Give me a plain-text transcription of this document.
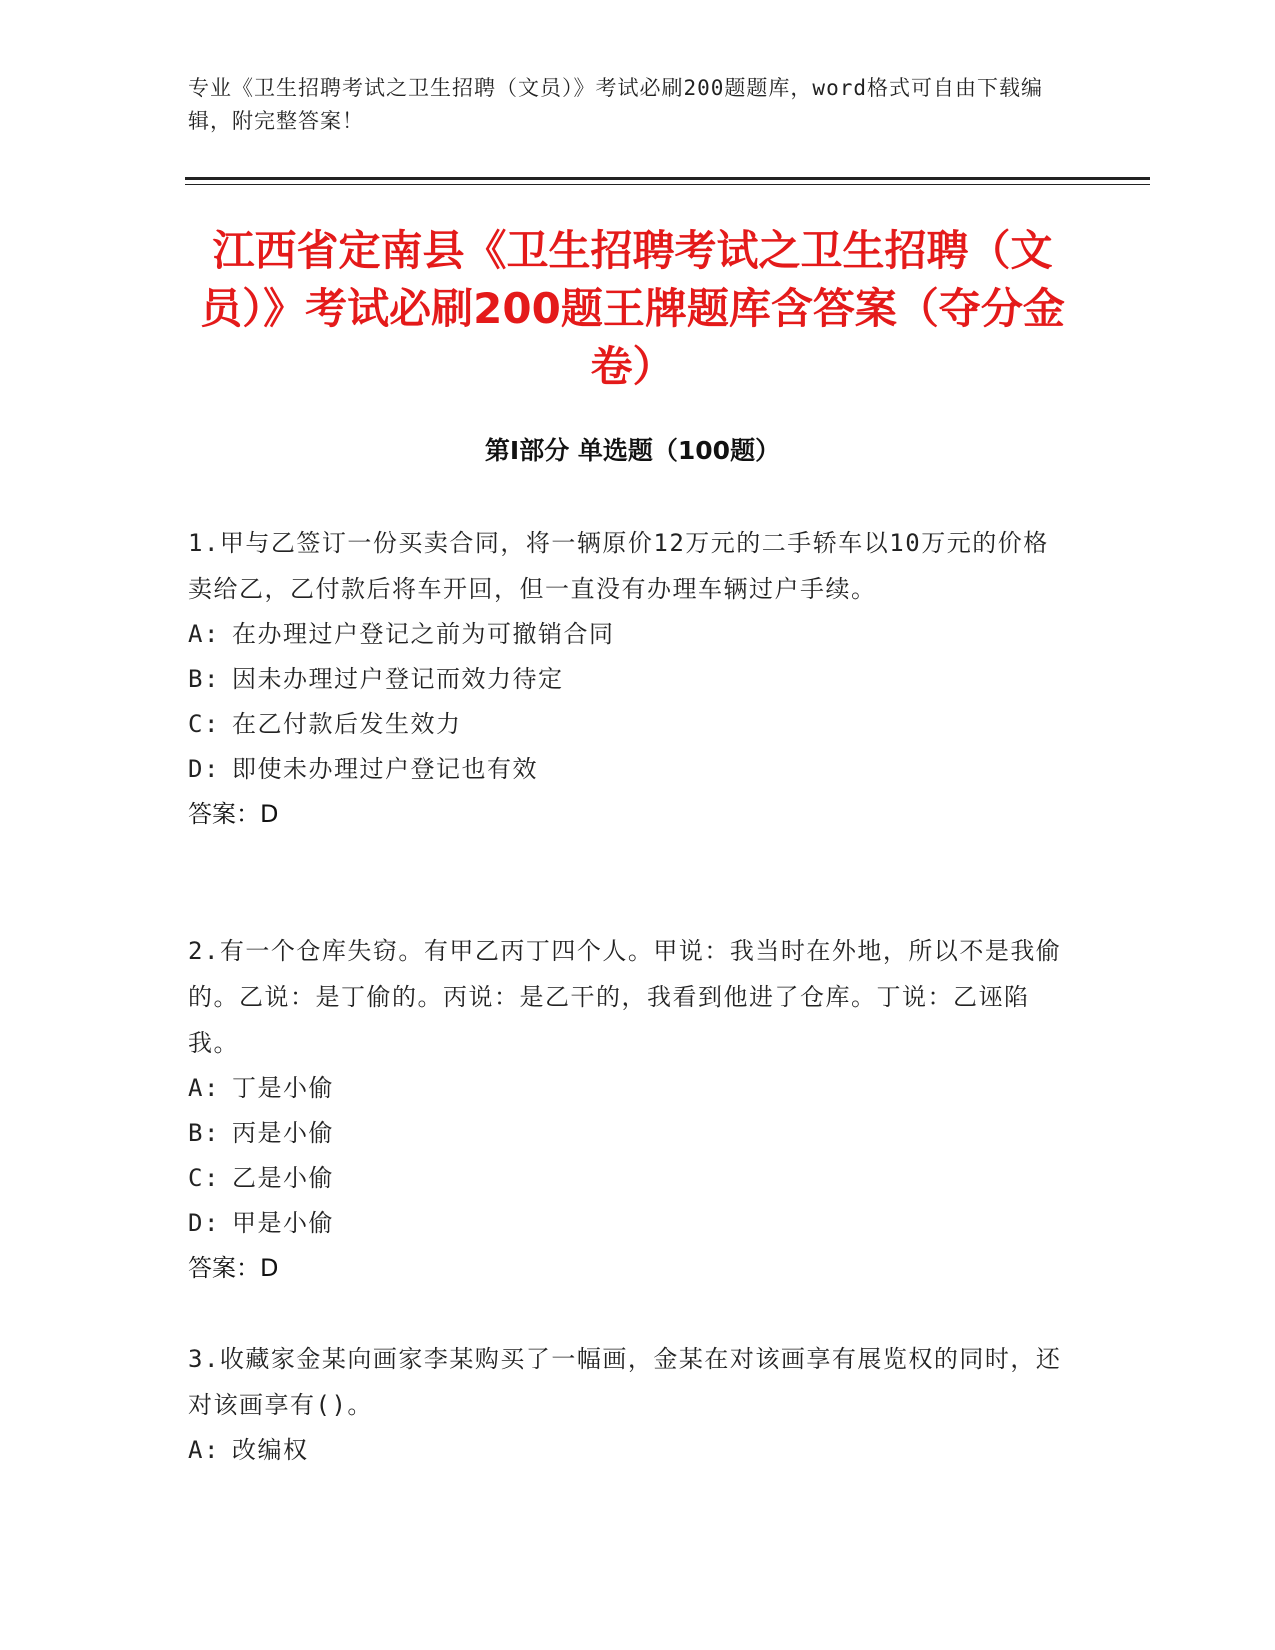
专业《卫生招聘考试之卫生招聘（文员）》考试必刷200题题库，word格式可自由下载编辑，附完整答案！
江西省定南县《卫生招聘考试之卫生招聘（文员）》考试必刷200题王牌题库含答案（夺分金卷）
第Ⅰ部分 单选题（100题）

1.甲与乙签订一份买卖合同，将一辆原价12万元的二手轿车以10万元的价格卖给乙，乙付款后将车开回，但一直没有办理车辆过户手续。

A: 在办理过户登记之前为可撤销合同

B: 因未办理过户登记而效力待定

C: 在乙付款后发生效力

D: 即使未办理过户登记也有效

答案：D

2.有一个仓库失窃。有甲乙丙丁四个人。甲说：我当时在外地，所以不是我偷的。乙说：是丁偷的。丙说：是乙干的，我看到他进了仓库。丁说：乙诬陷我。

A: 丁是小偷

B: 丙是小偷

C: 乙是小偷

D: 甲是小偷

答案：D

3.收藏家金某向画家李某购买了一幅画，金某在对该画享有展览权的同时，还对该画享有()。

A: 改编权
